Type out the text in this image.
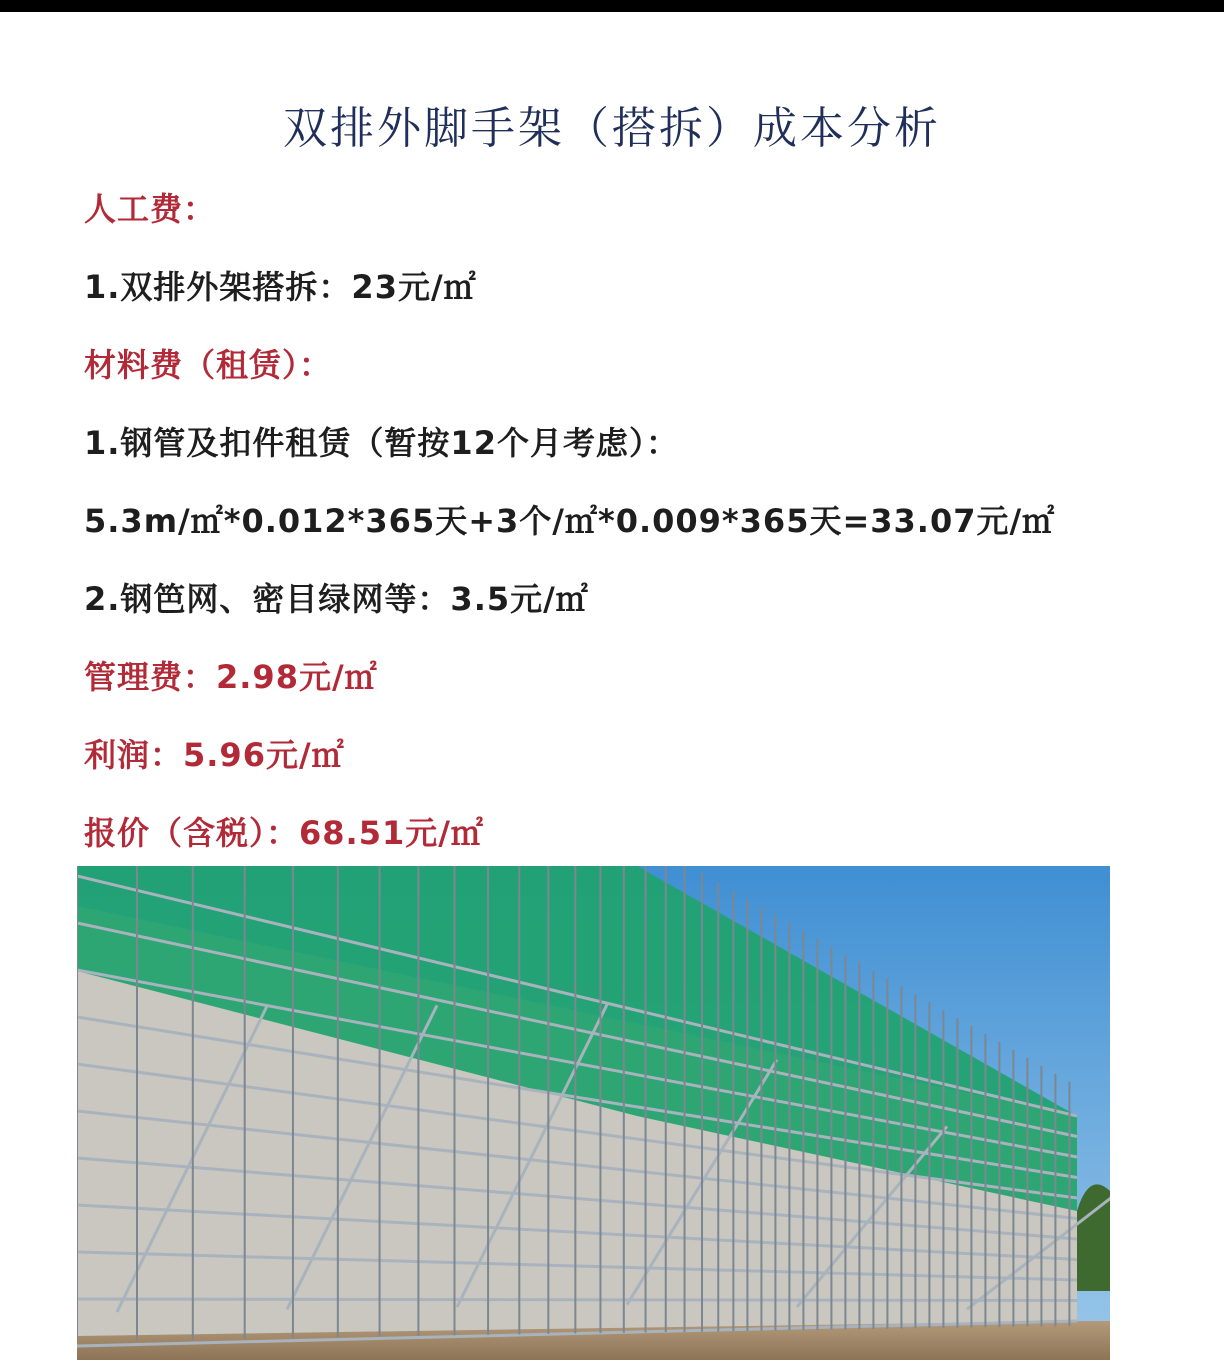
双排外脚手架（搭拆）成本分析
人工费：
1.双排外架搭拆：23元/㎡
材料费（租赁）：
1.钢管及扣件租赁（暂按12个月考虑）：
5.3m/㎡*0.012*365天+3个/㎡*0.009*365天=33.07元/㎡
2.钢笆网、密目绿网等：3.5元/㎡
管理费：2.98元/㎡
利润：5.96元/㎡
报价（含税）：68.51元/㎡
